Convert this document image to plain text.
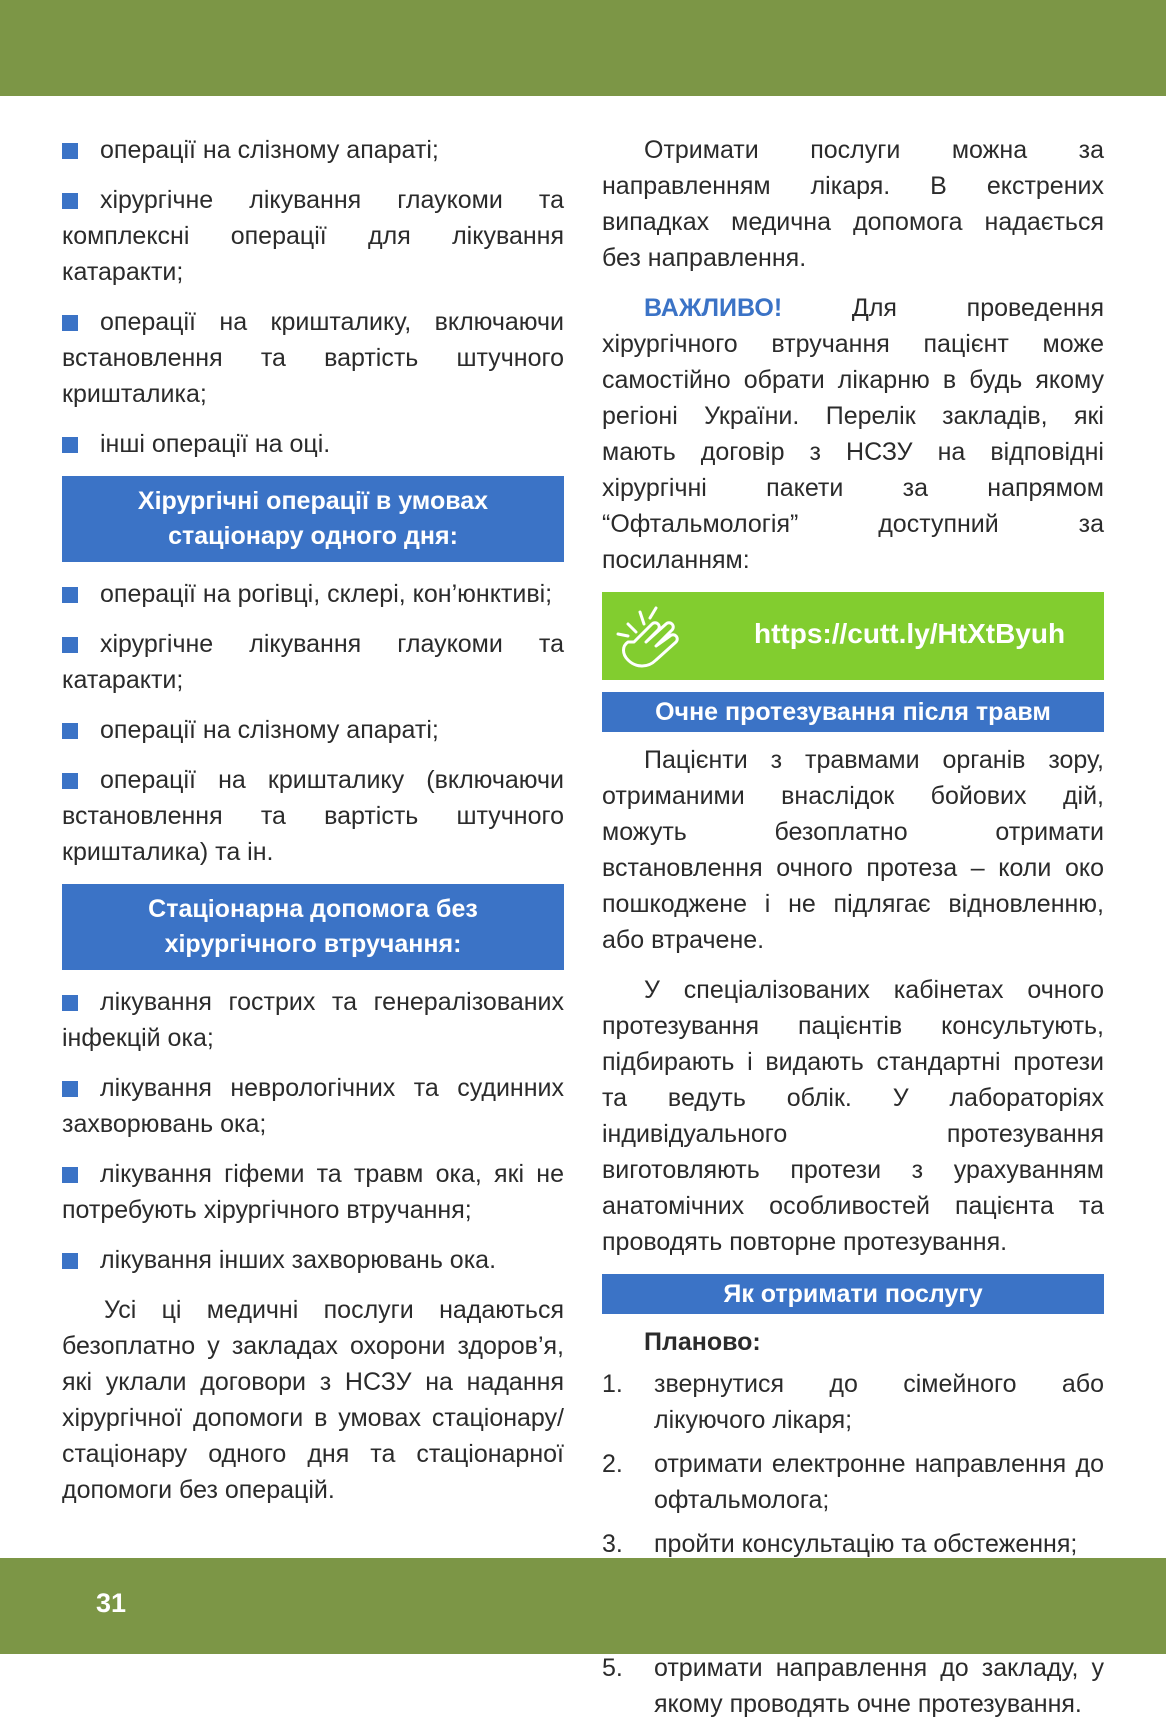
операції на слізному апараті;
хірургічне лікування глаукоми та комплексні операції для лікування катаракти;
операції на кришталику, включаючи встановлення та вартість штучного кришталика;
інші операції на оці.
Хірургічні операції в умовах стаціонару одного дня:
операції на рогівці, склері, кон’юнктиві;
хірургічне лікування глаукоми та катаракти;
операції на слізному апараті;
операції на кришталику (включаючи встановлення та вартість штучного кришталика) та ін.
Стаціонарна допомога без хірургічного втручання:
лікування гострих та генералізованих інфекцій ока;
лікування неврологічних та судинних захворювань ока;
лікування гіфеми та травм ока, які не потребують хірургічного втручання;
лікування інших захворювань ока.

Усі ці медичні послуги надаються безоплатно у закладах охорони здоров’я, які уклали договори з НСЗУ на надання хірургічної допомоги в умовах стаціонару/стаціонару одного дня та стаціонарної допомоги без операцій.

Отримати послуги можна за направленням лікаря. В екстрених випадках медична допомога надається без направлення.

ВАЖЛИВО! Для проведення хірургічного втручання пацієнт може самостійно обрати лікарню в будь якому регіоні України. Перелік закладів, які мають договір з НСЗУ на відповідні хірургічні пакети за напрямом “Офтальмологія” доступний за посиланням:

https://cutt.ly/HtXtByuh
Очне протезування після травм

Пацієнти з травмами органів зору, отриманими внаслідок бойових дій, можуть безоплатно отримати встановлення очного протеза – коли око пошкоджене і не підлягає відновленню, або втрачене.

У спеціалізованих кабінетах очного протезування пацієнтів консультують, підбирають і видають стандартні протези та ведуть облік. У лабораторіях індивідуального протезування виготовляють протези з урахуванням анатомічних особливостей пацієнта та проводять повторне протезування.

Як отримати послугу
Планово:
1.	звернутися до сімейного або лікуючого лікаря;
2.	отримати електронне направлення до офтальмолога;
3.	пройти консультацію та обстеження;
5.	отримати направлення до закладу, у якому проводять очне протезування.
31
